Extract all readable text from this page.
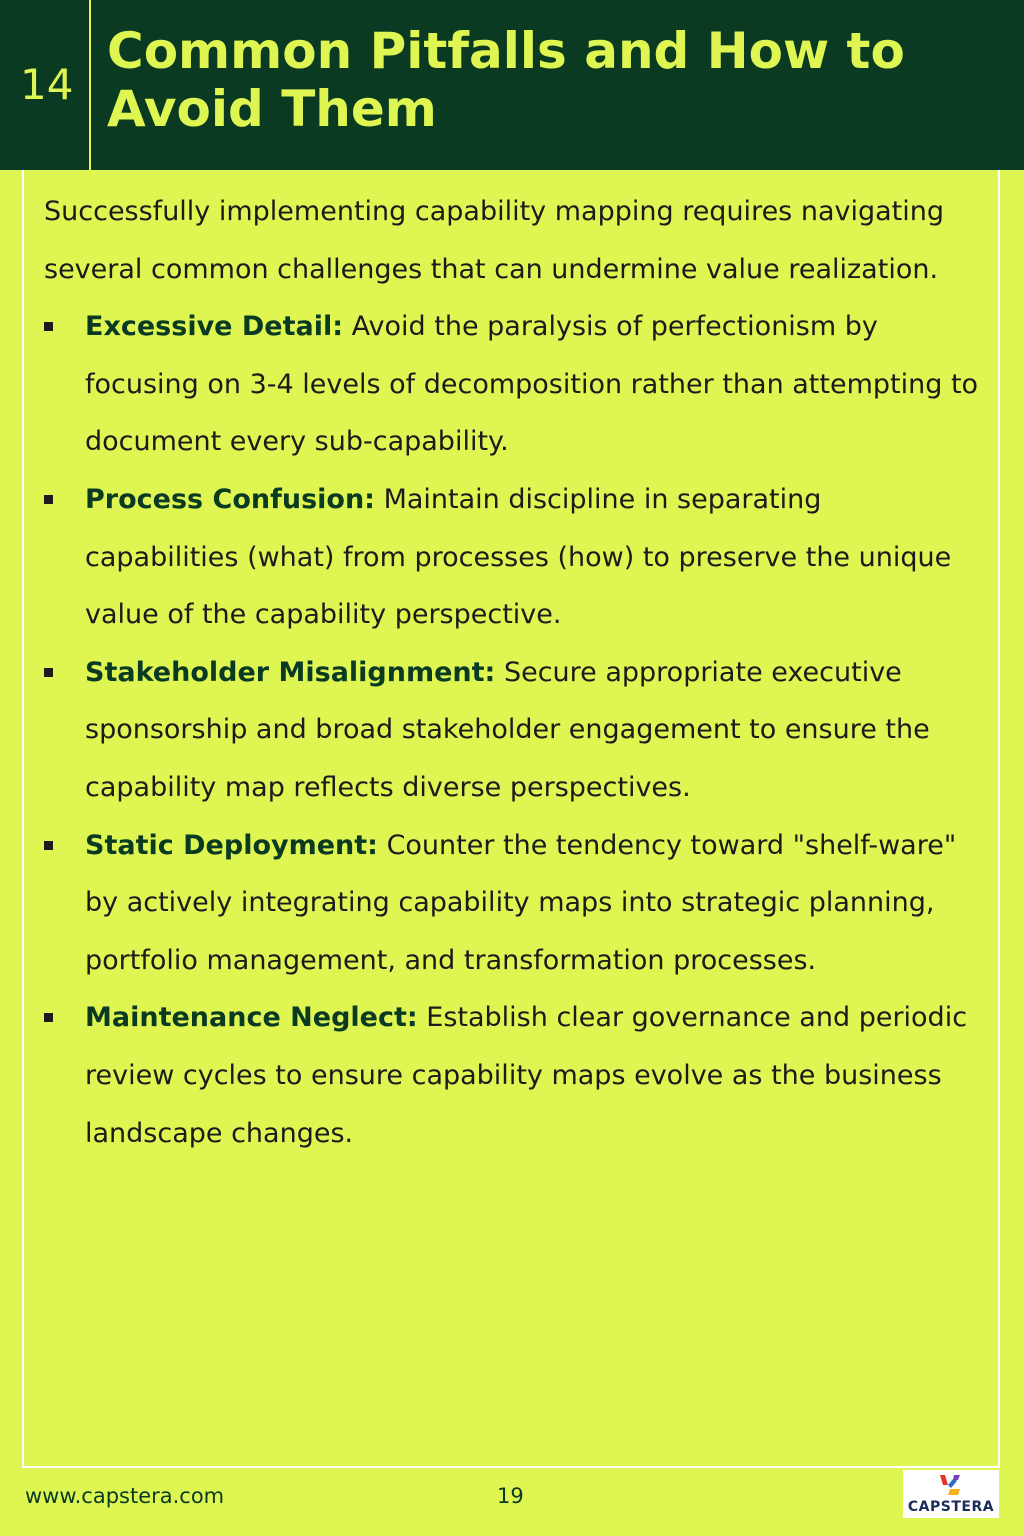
14
Common Pitfalls and How to Avoid Them

Successfully implementing capability mapping requires navigating several common challenges that can undermine value realization.

Excessive Detail: Avoid the paralysis of perfectionism by focusing on 3-4 levels of decomposition rather than attempting to document every sub-capability.
Process Confusion: Maintain discipline in separating capabilities (what) from processes (how) to preserve the unique value of the capability perspective.
Stakeholder Misalignment: Secure appropriate executive sponsorship and broad stakeholder engagement to ensure the capability map reflects diverse perspectives.
Static Deployment: Counter the tendency toward "shelf-ware" by actively integrating capability maps into strategic planning, portfolio management, and transformation processes.
Maintenance Neglect: Establish clear governance and periodic review cycles to ensure capability maps evolve as the business landscape changes.
www.capstera.com	19	CAPSTERA
